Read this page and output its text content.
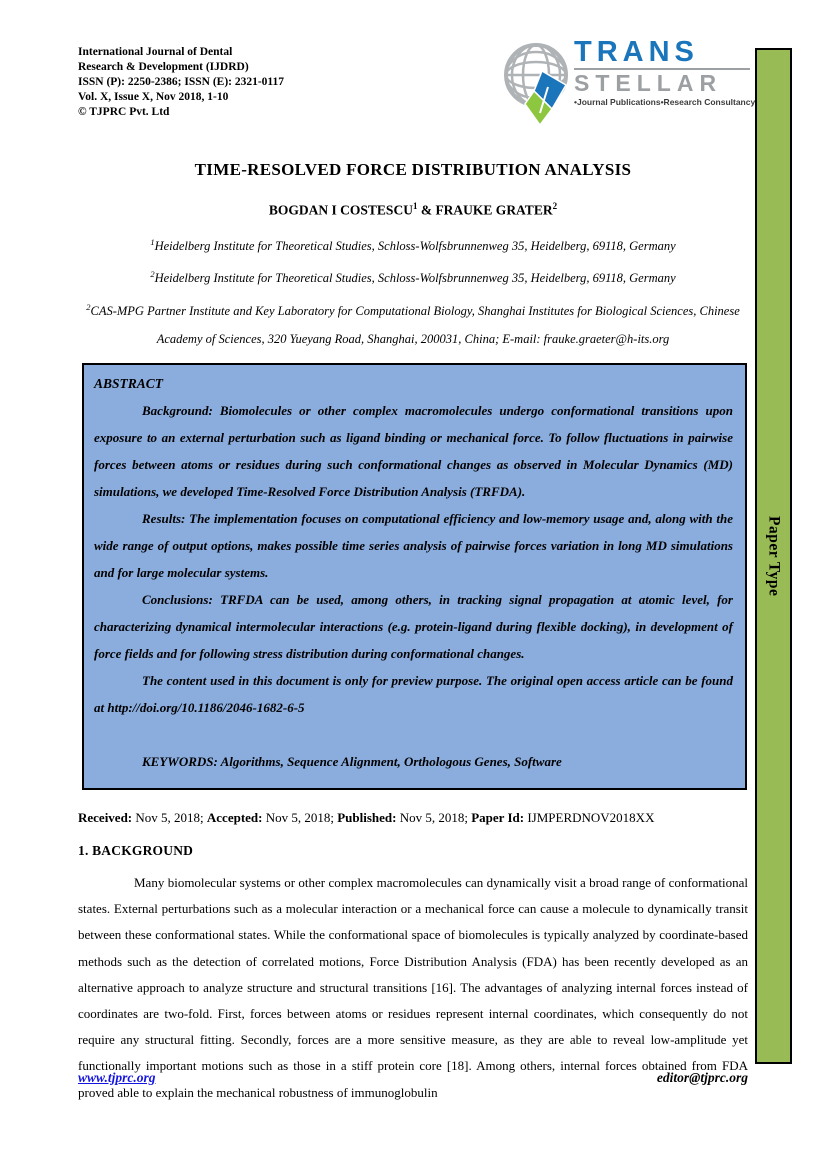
International Journal of Dental
Research & Development (IJDRD)
ISSN (P): 2250-2386; ISSN (E): 2321-0117
Vol. X, Issue X, Nov 2018, 1-10
© TJPRC Pvt. Ltd
TRANS
STELLAR
•Journal Publications •Research Consultancy
TIME-RESOLVED FORCE DISTRIBUTION ANALYSIS
BOGDAN I COSTESCU$^1$ & FRAUKE GRATER$^2$
$^1$Heidelberg Institute for Theoretical Studies, Schloss-Wolfsbrunnenweg 35, Heidelberg, 69118, Germany
$^2$Heidelberg Institute for Theoretical Studies, Schloss-Wolfsbrunnenweg 35, Heidelberg, 69118, Germany
$^2$CAS-MPG Partner Institute and Key Laboratory for Computational Biology, Shanghai Institutes for Biological Sciences, Chinese Academy of Sciences, 320 Yueyang Road, Shanghai, 200031, China; E-mail: frauke.graeter@h-its.org
ABSTRACT

Background: Biomolecules or other complex macromolecules undergo conformational transitions upon exposure to an external perturbation such as ligand binding or mechanical force. To follow fluctuations in pairwise forces between atoms or residues during such conformational changes as observed in Molecular Dynamics (MD) simulations, we developed Time-Resolved Force Distribution Analysis (TRFDA).

Results: The implementation focuses on computational efficiency and low-memory usage and, along with the wide range of output options, makes possible time series analysis of pairwise forces variation in long MD simulations and for large molecular systems.

Conclusions: TRFDA can be used, among others, in tracking signal propagation at atomic level, for characterizing dynamical intermolecular interactions (e.g. protein-ligand during flexible docking), in development of force fields and for following stress distribution during conformational changes.

The content used in this document is only for preview purpose. The original open access article can be found at http://doi.org/10.1186/2046-1682-6-5

KEYWORDS: Algorithms, Sequence Alignment, Orthologous Genes, Software

Received: Nov 5, 2018; Accepted: Nov 5, 2018; Published: Nov 5, 2018; Paper Id: IJMPERDNOV2018XX
1. BACKGROUND

Many biomolecular systems or other complex macromolecules can dynamically visit a broad range of conformational states. External perturbations such as a molecular interaction or a mechanical force can cause a molecule to dynamically transit between these conformational states. While the conformational space of biomolecules is typically analyzed by coordinate-based methods such as the detection of correlated motions, Force Distribution Analysis (FDA) has been recently developed as an alternative approach to analyze structure and structural transitions [16]. The advantages of analyzing internal forces instead of coordinates are two-fold. First, forces between atoms or residues represent internal coordinates, which consequently do not require any structural fitting. Secondly, forces are a more sensitive measure, as they are able to reveal low-amplitude yet functionally important motions such as those in a stiff protein core [18]. Among others, internal forces obtained from FDA proved able to explain the mechanical robustness of immunoglobulin

www.tjprc.org	editor@tjprc.org
Paper Type
